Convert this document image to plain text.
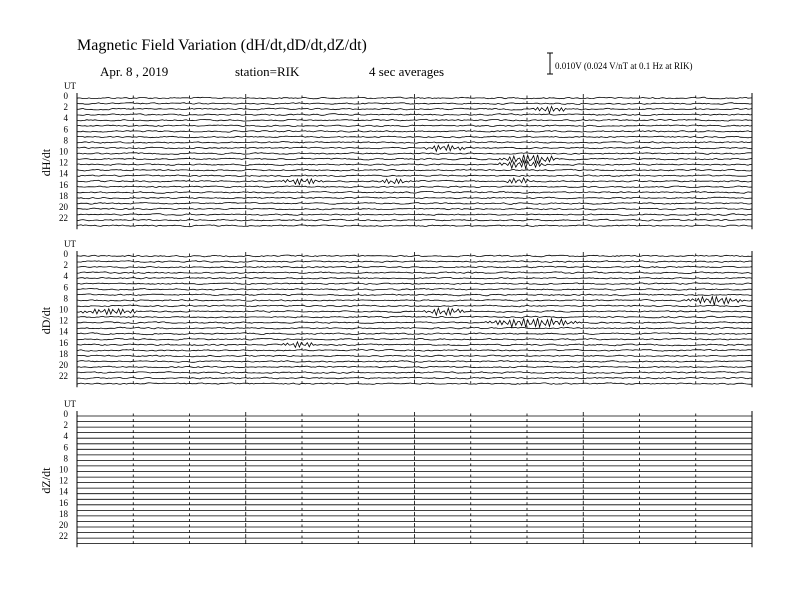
Magnetic Field Variation (dH/dt,dD/dt,dZ/dt)
Apr. 8 , 2019	station=RIK	4 sec averages	0.010V (0.024 V/nT at 0.1 Hz at RIK)
UT
dH/dt
0
2
4
6
8
10
12
14
16
18
20
22
UT
dD/dt
0
2
4
6
8
10
12
14
16
18
20
22
UT
dZ/dt
0
2
4
6
8
10
12
14
16
18
20
22
